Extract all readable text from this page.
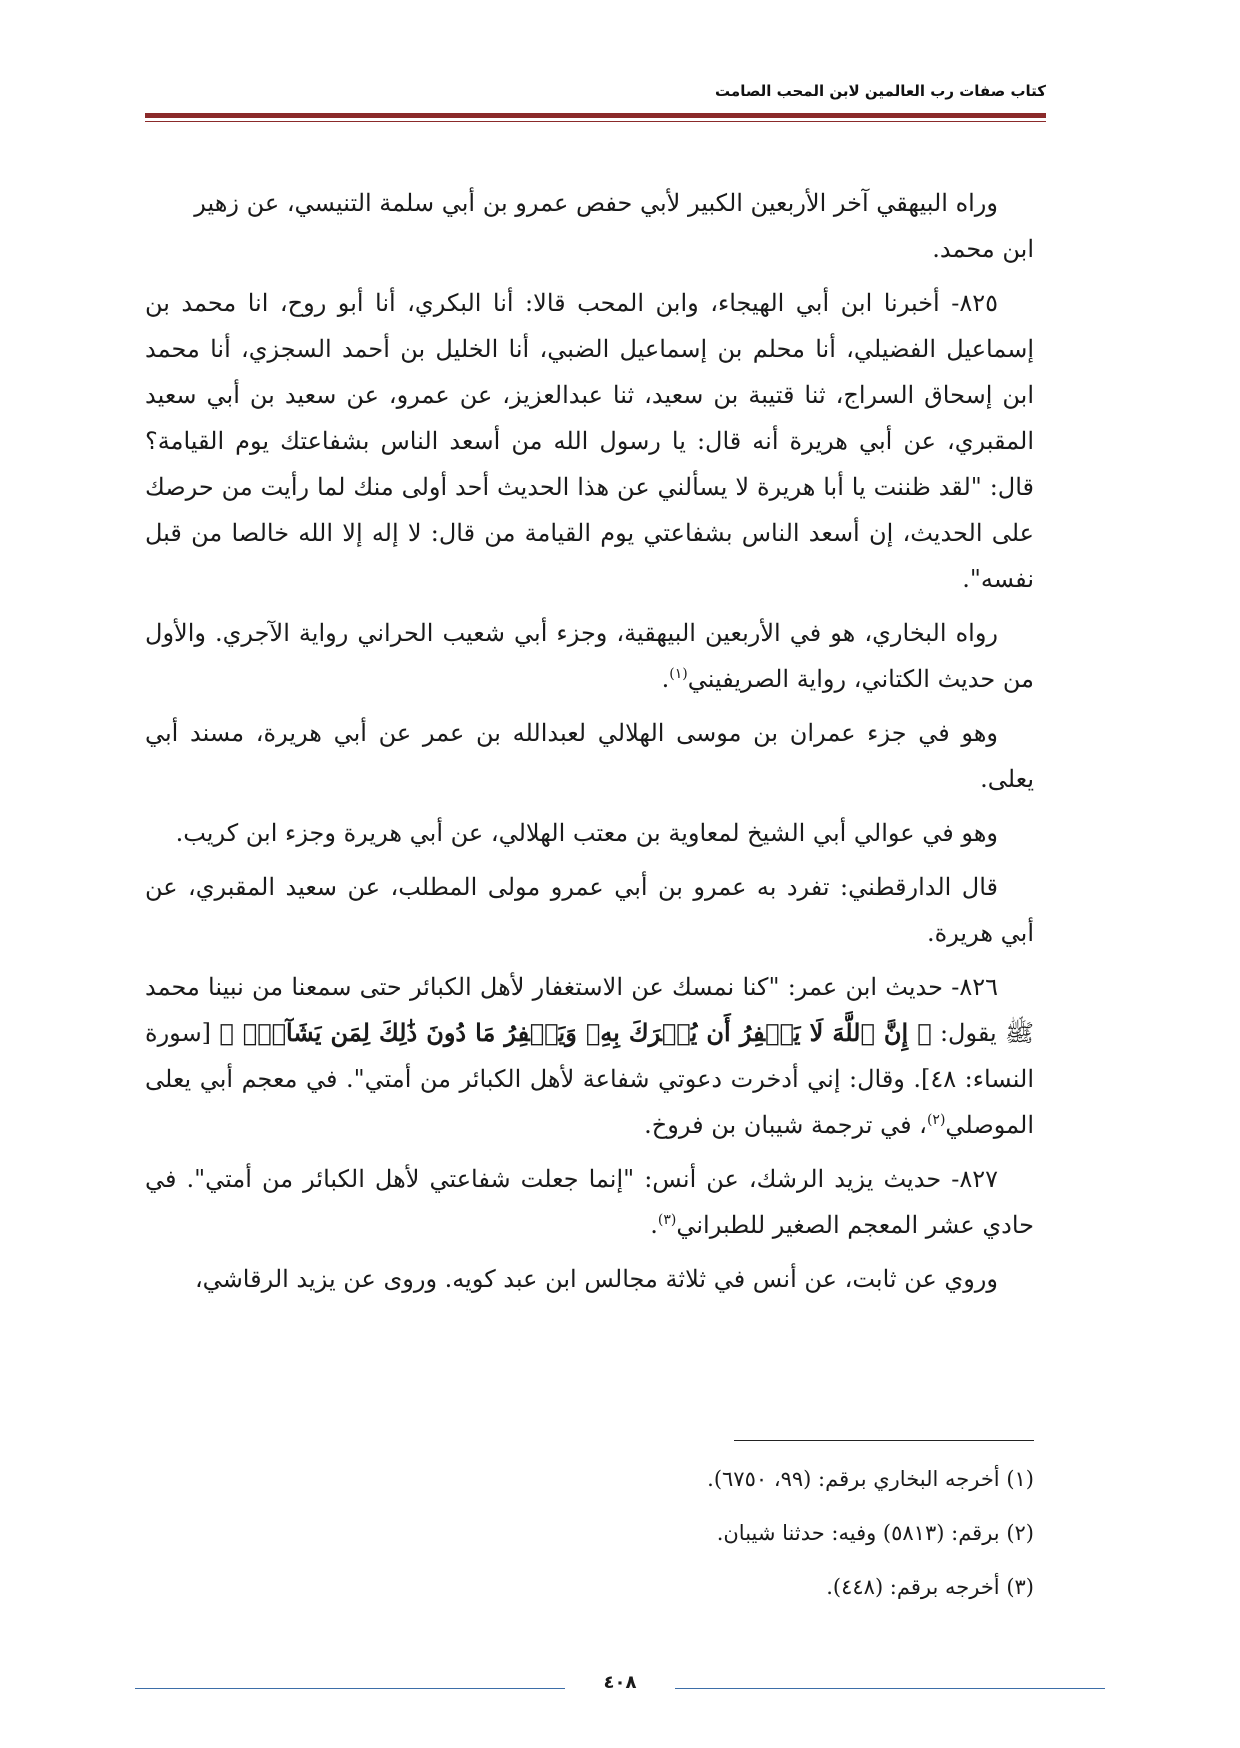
كتاب صفات رب العالمين لابن المحب الصامت

وراه البيهقي آخر الأربعين الكبير لأبي حفص عمرو بن أبي سلمة التنيسي، عن زهير
ابن محمد.

٨٢٥- أخبرنا ابن أبي الهيجاء، وابن المحب قالا: أنا البكري، أنا أبو روح، انا محمد بن إسماعيل الفضيلي، أنا محلم بن إسماعيل الضبي، أنا الخليل بن أحمد السجزي، أنا محمد ابن إسحاق السراج، ثنا قتيبة بن سعيد، ثنا عبدالعزيز، عن عمرو، عن سعيد بن أبي سعيد المقبري، عن أبي هريرة أنه قال: يا رسول الله من أسعد الناس بشفاعتك يوم القيامة؟ قال: "لقد ظننت يا أبا هريرة لا يسألني عن هذا الحديث أحد أولى منك لما رأيت من حرصك على الحديث، إن أسعد الناس بشفاعتي يوم القيامة من قال: لا إله إلا الله خالصا من قبل نفسه".

رواه البخاري، هو في الأربعين البيهقية، وجزء أبي شعيب الحراني رواية الآجري. والأول من حديث الكتاني، رواية الصريفيني$^{(١)}$.

وهو في جزء عمران بن موسى الهلالي لعبدالله بن عمر عن أبي هريرة، مسند أبي يعلى.

وهو في عوالي أبي الشيخ لمعاوية بن معتب الهلالي، عن أبي هريرة وجزء ابن كريب.

قال الدارقطني: تفرد به عمرو بن أبي عمرو مولى المطلب، عن سعيد المقبري، عن أبي هريرة.

٨٢٦- حديث ابن عمر: "كنا نمسك عن الاستغفار لأهل الكبائر حتى سمعنا من نبينا محمد ﷺ يقول: ﴿ إِنَّ ٱللَّهَ لَا يَغۡفِرُ أَن يُشۡرَكَ بِهِۦ وَيَغۡفِرُ مَا دُونَ ذَٰلِكَ لِمَن يَشَآءُۚ ﴾ [سورة النساء: ٤٨]. وقال: إني أدخرت دعوتي شفاعة لأهل الكبائر من أمتي". في معجم أبي يعلى الموصلي$^{(٢)}$، في ترجمة شيبان بن فروخ.

٨٢٧- حديث يزيد الرشك، عن أنس: "إنما جعلت شفاعتي لأهل الكبائر من أمتي". في حادي عشر المعجم الصغير للطبراني$^{(٣)}$.

وروي عن ثابت، عن أنس في ثلاثة مجالس ابن عبد كويه. وروى عن يزيد الرقاشي،

(١) أخرجه البخاري برقم: (٩٩، ٦٧٥٠).

(٢) برقم: (٥٨١٣) وفيه: حدثنا شيبان.

(٣) أخرجه برقم: (٤٤٨).

٤٠٨
